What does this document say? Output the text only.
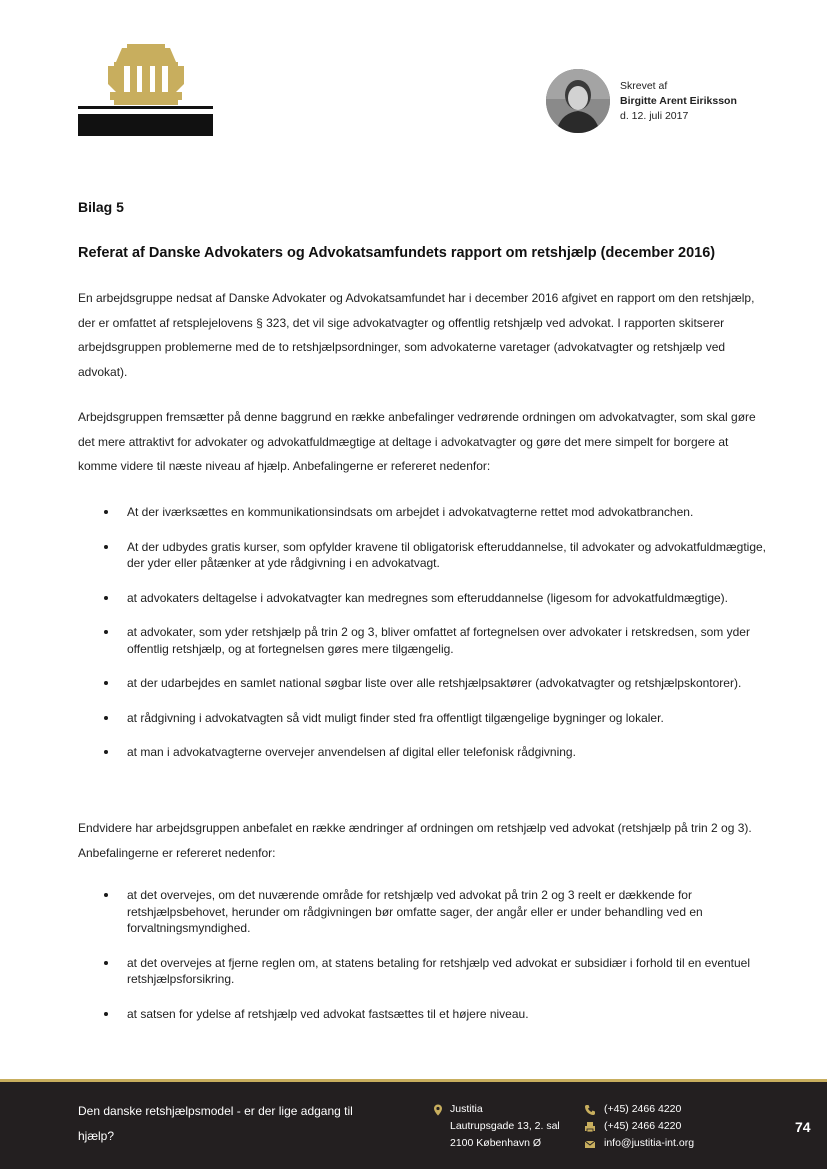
Skrevet af
Birgitte Arent Eiriksson
d. 12. juli 2017
Bilag 5
Referat af Danske Advokaters og Advokatsamfundets rapport om retshjælp (december 2016)

En arbejdsgruppe nedsat af Danske Advokater og Advokatsamfundet har i december 2016 afgivet en rapport om den retshjælp, der er omfattet af retsplejelovens § 323, det vil sige advokatvagter og offentlig retshjælp ved advokat. I rapporten skitserer arbejdsgruppen problemerne med de to retshjælpsordninger, som advokaterne varetager (advokatvagter og retshjælp ved advokat).

Arbejdsgruppen fremsætter på denne baggrund en række anbefalinger vedrørende ordningen om advokatvagter, som skal gøre det mere attraktivt for advokater og advokatfuldmægtige at deltage i advokatvagter og gøre det mere simpelt for borgere at komme videre til næste niveau af hjælp. Anbefalingerne er refereret nedenfor:

At der iværksættes en kommunikationsindsats om arbejdet i advokatvagterne rettet mod advokatbranchen.
At der udbydes gratis kurser, som opfylder kravene til obligatorisk efteruddannelse, til advokater og advokatfuldmægtige, der yder eller påtænker at yde rådgivning i en advokatvagt.
at advokaters deltagelse i advokatvagter kan medregnes som efteruddannelse (ligesom for advokatfuldmægtige).
at advokater, som yder retshjælp på trin 2 og 3, bliver omfattet af fortegnelsen over advokater i retskredsen, som yder offentlig retshjælp, og at fortegnelsen gøres mere tilgængelig.
at der udarbejdes en samlet national søgbar liste over alle retshjælpsaktører (advokatvagter og retshjælpskontorer).
at rådgivning i advokatvagten så vidt muligt finder sted fra offentligt tilgængelige bygninger og lokaler.
at man i advokatvagterne overvejer anvendelsen af digital eller telefonisk rådgivning.

Endvidere har arbejdsgruppen anbefalet en række ændringer af ordningen om retshjælp ved advokat (retshjælp på trin 2 og 3). Anbefalingerne er refereret nedenfor:

at det overvejes, om det nuværende område for retshjælp ved advokat på trin 2 og 3 reelt er dækkende for retshjælpsbehovet, herunder om rådgivningen bør omfatte sager, der angår eller er under behandling ved en forvaltningsmyndighed.
at det overvejes at fjerne reglen om, at statens betaling for retshjælp ved advokat er subsidiær i forhold til en eventuel retshjælpsforsikring.
at satsen for ydelse af retshjælp ved advokat fastsættes til et højere niveau.
Den danske retshjælpsmodel - er der lige adgang til hjælp?
Justitia
Lautrupsgade 13, 2. sal
2100 København Ø
(+45) 2466 4220
(+45) 2466 4220
info@justitia-int.org
74
